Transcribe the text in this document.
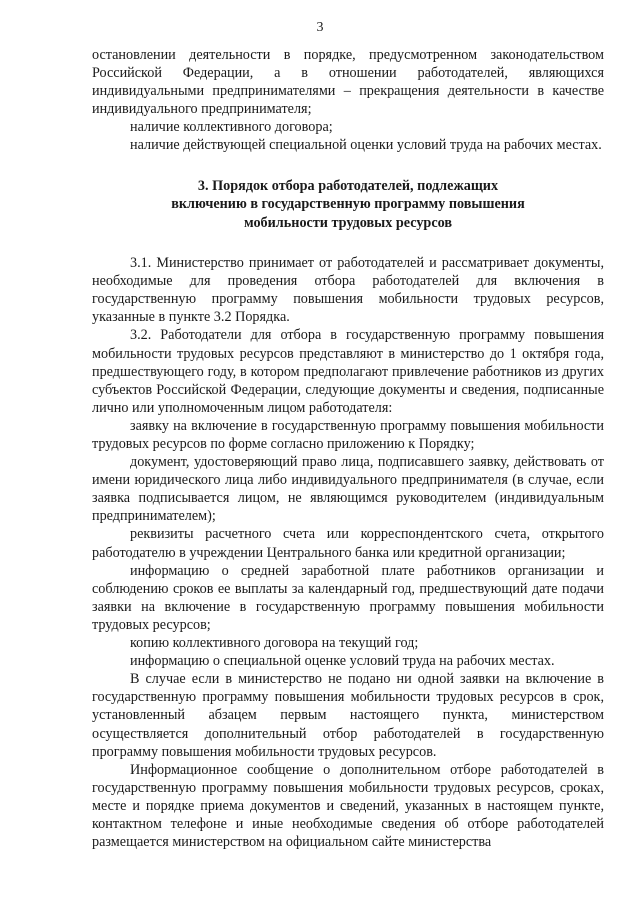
3

остановлении деятельности в порядке, предусмотренном законодательством Российской Федерации, а в отношении работодателей, являющихся индивидуальными предпринимателями – прекращения деятельности в качестве индивидуального предпринимателя;

наличие коллективного договора;

наличие действующей специальной оценки условий труда на рабочих местах.

3. Порядок отбора работодателей, подлежащих
включению в государственную программу повышения
мобильности трудовых ресурсов

3.1. Министерство принимает от работодателей и рассматривает документы, необходимые для проведения отбора работодателей для включения в государственную программу повышения мобильности трудовых ресурсов, указанные в пункте 3.2 Порядка.

3.2. Работодатели для отбора в государственную программу повышения мобильности трудовых ресурсов представляют в министерство до 1 октября года, предшествующего году, в котором предполагают привлечение работников из других субъектов Российской Федерации, следующие документы и сведения, подписанные лично или уполномоченным лицом работодателя:

заявку на включение в государственную программу повышения мобильности трудовых ресурсов по форме согласно приложению к Порядку;

документ, удостоверяющий право лица, подписавшего заявку, действовать от имени юридического лица либо индивидуального предпринимателя (в случае, если заявка подписывается лицом, не являющимся руководителем (индивидуальным предпринимателем);

реквизиты расчетного счета или корреспондентского счета, открытого работодателю в учреждении Центрального банка или кредитной организации;

информацию о средней заработной плате работников организации и соблюдению сроков ее выплаты за календарный год, предшествующий дате подачи заявки на включение в государственную программу повышения мобильности трудовых ресурсов;

копию коллективного договора на текущий год;

информацию о специальной оценке условий труда на рабочих местах.

В случае если в министерство не подано ни одной заявки на включение в государственную программу повышения мобильности трудовых ресурсов в срок, установленный абзацем первым настоящего пункта, министерством осуществляется дополнительный отбор работодателей в государственную программу повышения мобильности трудовых ресурсов.

Информационное сообщение о дополнительном отборе работодателей в государственную программу повышения мобильности трудовых ресурсов, сроках, месте и порядке приема документов и сведений, указанных в настоящем пункте, контактном телефоне и иные необходимые сведения об отборе работодателей размещается министерством на официальном сайте министерства
